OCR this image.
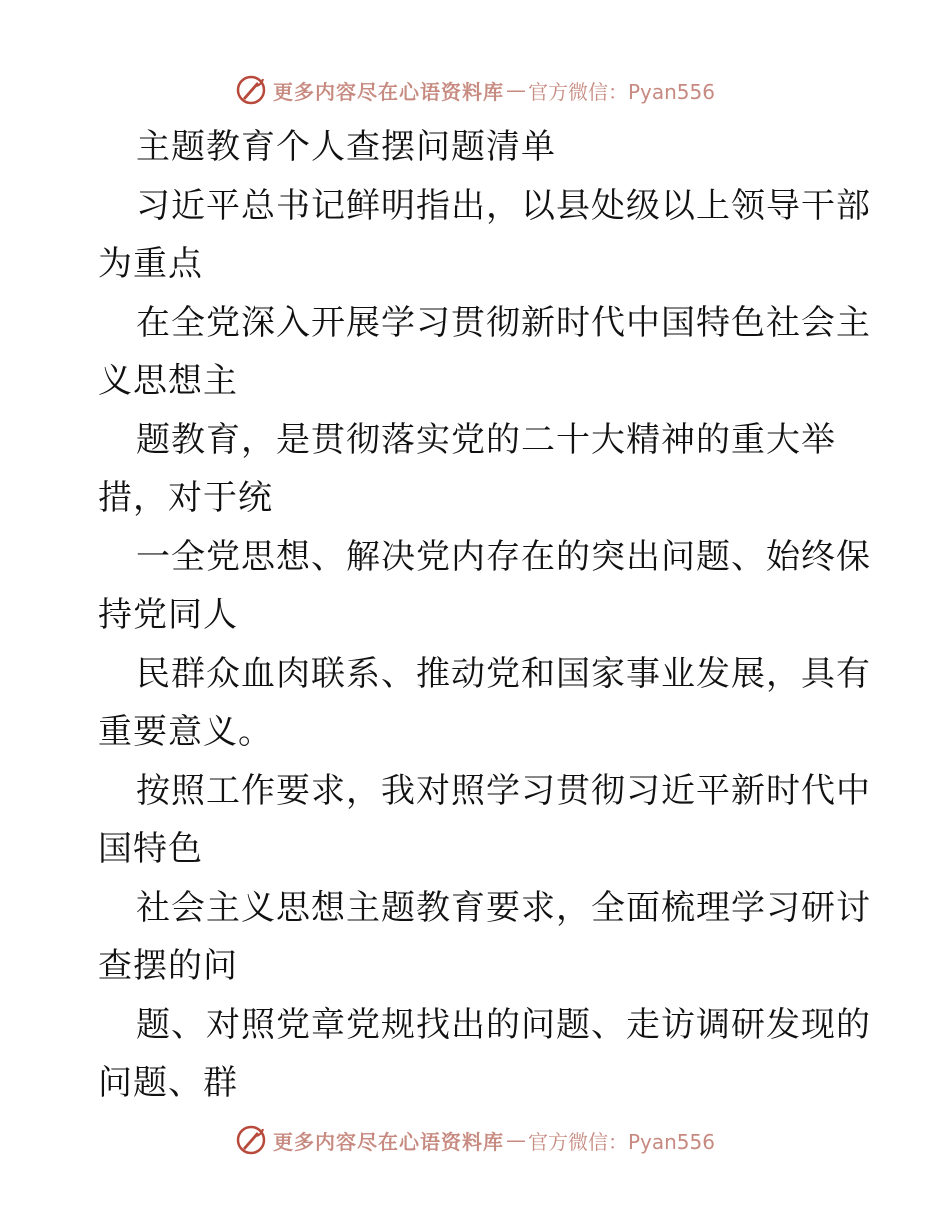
更多内容尽在心语资料库 — 官方微信：Pyan556
主题教育个人查摆问题清单
习近平总书记鲜明指出，以县处级以上领导干部
为重点
在全党深入开展学习贯彻新时代中国特色社会主
义思想主
题教育，是贯彻落实党的二十大精神的重大举
措，对于统
一全党思想、解决党内存在的突出问题、始终保
持党同人
民群众血肉联系、推动党和国家事业发展，具有
重要意义。
按照工作要求，我对照学习贯彻习近平新时代中
国特色
社会主义思想主题教育要求，全面梳理学习研讨
查摆的问
题、对照党章党规找出的问题、走访调研发现的
问题、群
更多内容尽在心语资料库 — 官方微信：Pyan556
